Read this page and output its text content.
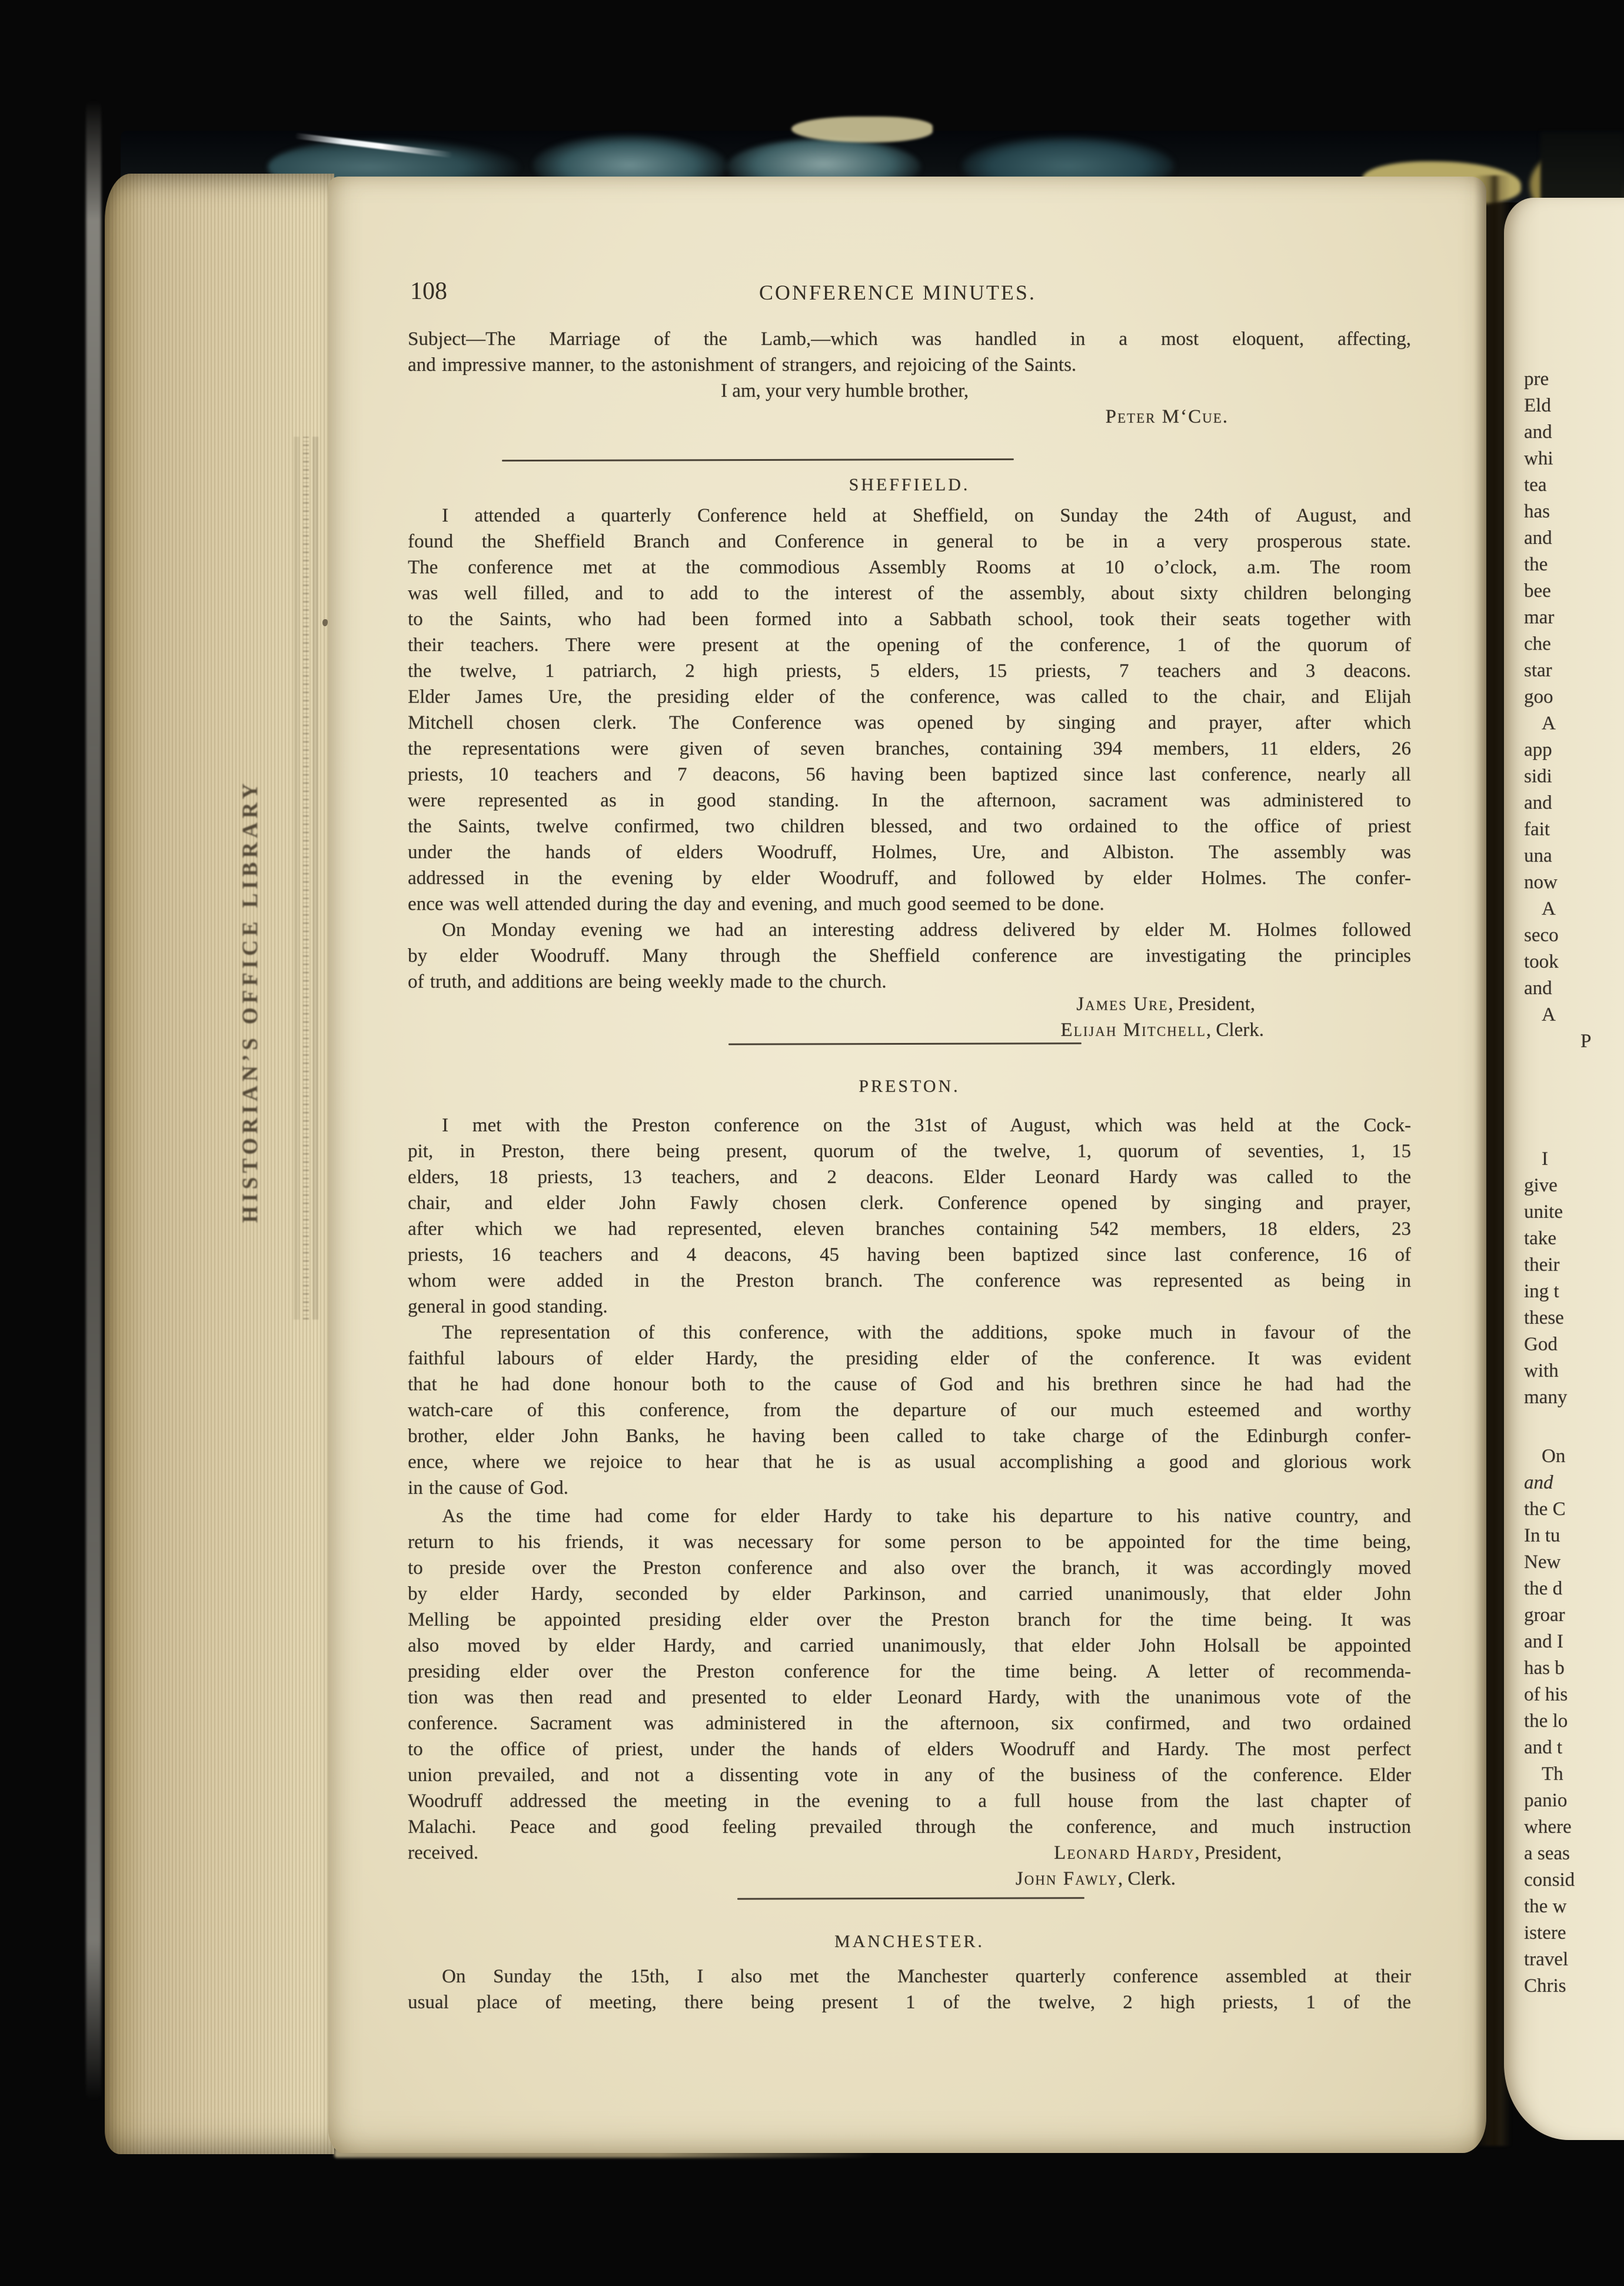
HISTORIAN’S OFFICE LIBRARY
108	CONFERENCE MINUTES.
SHEFFIELD.
PRESTON.
MANCHESTER.
Subject—The Marriage of the Lamb,—which was handled in a most eloquent, affecting,
and impressive manner, to the astonishment of strangers, and rejoicing of the Saints.
I am, your very humble brother,
Peter M‘Cue.
I attended a quarterly Conference held at Sheffield, on Sunday the 24th of August, and
found the Sheffield Branch and Conference in general to be in a very prosperous state.
The conference met at the commodious Assembly Rooms at 10 o’clock, a.m. The room
was well filled, and to add to the interest of the assembly, about sixty children belonging
to the Saints, who had been formed into a Sabbath school, took their seats together with
their teachers. There were present at the opening of the conference, 1 of the quorum of
the twelve, 1 patriarch, 2 high priests, 5 elders, 15 priests, 7 teachers and 3 deacons.
Elder James Ure, the presiding elder of the conference, was called to the chair, and Elijah
Mitchell chosen clerk. The Conference was opened by singing and prayer, after which
the representations were given of seven branches, containing 394 members, 11 elders, 26
priests, 10 teachers and 7 deacons, 56 having been baptized since last conference, nearly all
were represented as in good standing. In the afternoon, sacrament was administered to
the Saints, twelve confirmed, two children blessed, and two ordained to the office of priest
under the hands of elders Woodruff, Holmes, Ure, and Albiston. The assembly was
addressed in the evening by elder Woodruff, and followed by elder Holmes. The confer-
ence was well attended during the day and evening, and much good seemed to be done.
On Monday evening we had an interesting address delivered by elder M. Holmes followed
by elder Woodruff. Many through the Sheffield conference are investigating the principles
of truth, and additions are being weekly made to the church.
James Ure, President,
Elijah Mitchell, Clerk.
I met with the Preston conference on the 31st of August, which was held at the Cock-
pit, in Preston, there being present, quorum of the twelve, 1, quorum of seventies, 1, 15
elders, 18 priests, 13 teachers, and 2 deacons. Elder Leonard Hardy was called to the
chair, and elder John Fawly chosen clerk. Conference opened by singing and prayer,
after which we had represented, eleven branches containing 542 members, 18 elders, 23
priests, 16 teachers and 4 deacons, 45 having been baptized since last conference, 16 of
whom were added in the Preston branch. The conference was represented as being in
general in good standing.
The representation of this conference, with the additions, spoke much in favour of the
faithful labours of elder Hardy, the presiding elder of the conference. It was evident
that he had done honour both to the cause of God and his brethren since he had had the
watch-care of this conference, from the departure of our much esteemed and worthy
brother, elder John Banks, he having been called to take charge of the Edinburgh confer-
ence, where we rejoice to hear that he is as usual accomplishing a good and glorious work
in the cause of God.
As the time had come for elder Hardy to take his departure to his native country, and
return to his friends, it was necessary for some person to be appointed for the time being,
to preside over the Preston conference and also over the branch, it was accordingly moved
by elder Hardy, seconded by elder Parkinson, and carried unanimously, that elder John
Melling be appointed presiding elder over the Preston branch for the time being. It was
also moved by elder Hardy, and carried unanimously, that elder John Holsall be appointed
presiding elder over the Preston conference for the time being. A letter of recommenda-
tion was then read and presented to elder Leonard Hardy, with the unanimous vote of the
conference. Sacrament was administered in the afternoon, six confirmed, and two ordained
to the office of priest, under the hands of elders Woodruff and Hardy. The most perfect
union prevailed, and not a dissenting vote in any of the business of the conference. Elder
Woodruff addressed the meeting in the evening to a full house from the last chapter of
Malachi. Peace and good feeling prevailed through the conference, and much instruction
received.	Leonard Hardy, President,
John Fawly, Clerk.
On Sunday the 15th, I also met the Manchester quarterly conference assembled at their
usual place of meeting, there being present 1 of the twelve, 2 high priests, 1 of the
pre
Eld
and
whi
tea
has
and
the
bee
mar
che
star
goo
A
app
sidi
and
fait
una
now
A
seco
took
and
A
P
I
give
unite
take
their
ing t
these
God
with
many
On
and
the C
In tu
New
the d
groar
and I
has b
of his
the lo
and t
Th
panio
where
a seas
consid
the w
istere
travel
Chris
